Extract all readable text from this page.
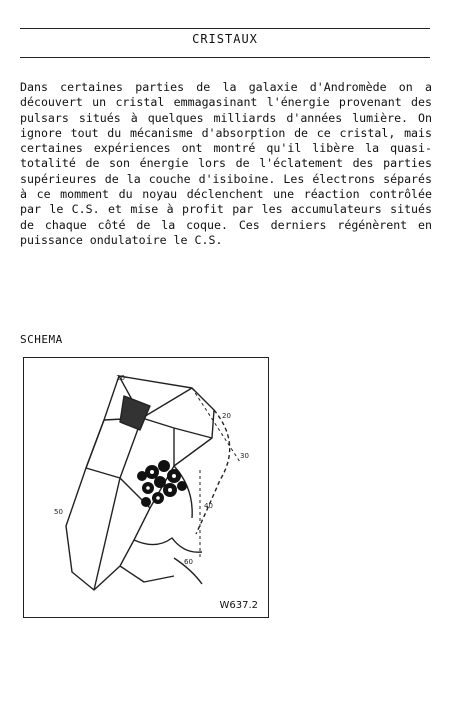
CRISTAUX

Dans certaines parties de la galaxie d'Andromède on a découvert un cristal emmagasinant l'énergie provenant des pulsars situés à quelques milliards d'années lumière. On ignore tout du mécanisme d'absorption de ce cristal, mais certaines expériences ont montré qu'il libère la quasi-totalité de son énergie lors de l'éclatement des parties supérieures de la couche d'isiboine. Les électrons séparés à ce momment du noyau déclenchent une réaction contrôlée par le C.S. et mise à profit par les accumulateurs situés de chaque côté de la coque. Ces derniers régénèrent en puissance ondulatoire le C.S.

SCHEMA
10
30
40
50
20
60
W637.2
